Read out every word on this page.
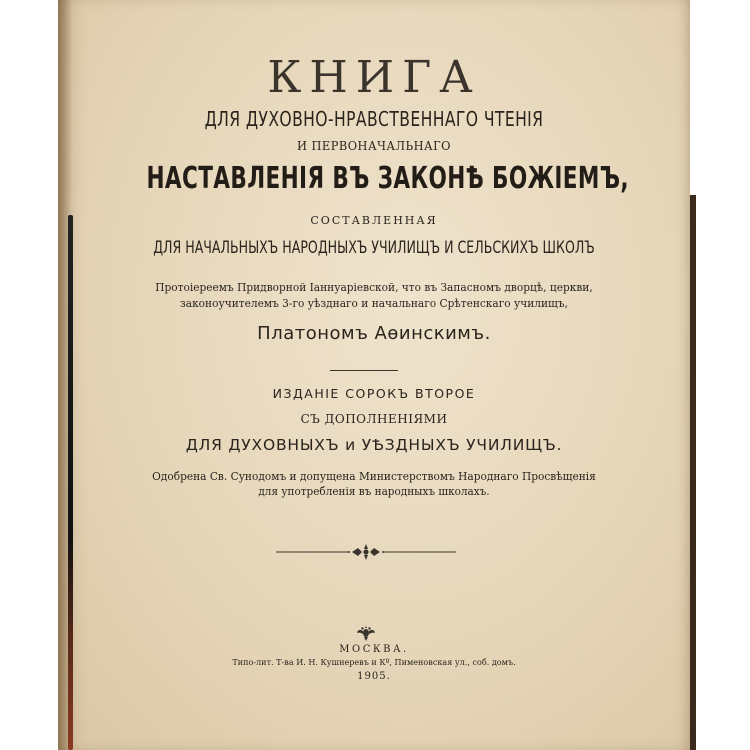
КНИГА
ДЛЯ ДУХОВНО-НРАВСТВЕННАГО ЧТЕНІЯ
И ПЕРВОНАЧАЛЬНАГО
НАСТАВЛЕНІЯ ВЪ ЗАКОНѢ БОЖІЕМЪ,
СОСТАВЛЕННАЯ
ДЛЯ НАЧАЛЬНЫХЪ НАРОДНЫХЪ УЧИЛИЩЪ И СЕЛЬСКИХЪ ШКОЛЪ
Протоіереемъ Придворной Іаннуаріевской, что въ Запасномъ дворцѣ, церкви,
законоучителемъ 3-го уѣзднаго и начальнаго Срѣтенскаго училищъ,
Платономъ Аѳинскимъ.
ИЗДАНІЕ СОРОКЪ ВТОРОЕ
СЪ ДОПОЛНЕНІЯМИ
ДЛЯ ДУХОВНЫХЪ и УѢЗДНЫХЪ УЧИЛИЩЪ.
Одобрена Св. Сунодомъ и допущена Министерствомъ Народнаго Просвѣщенія
для употребленія въ народныхъ школахъ.
МОСКВА.
Типо-лит. Т-ва И. Н. Кушнеревъ и Кº, Пименовская ул., соб. домъ.
1905.
